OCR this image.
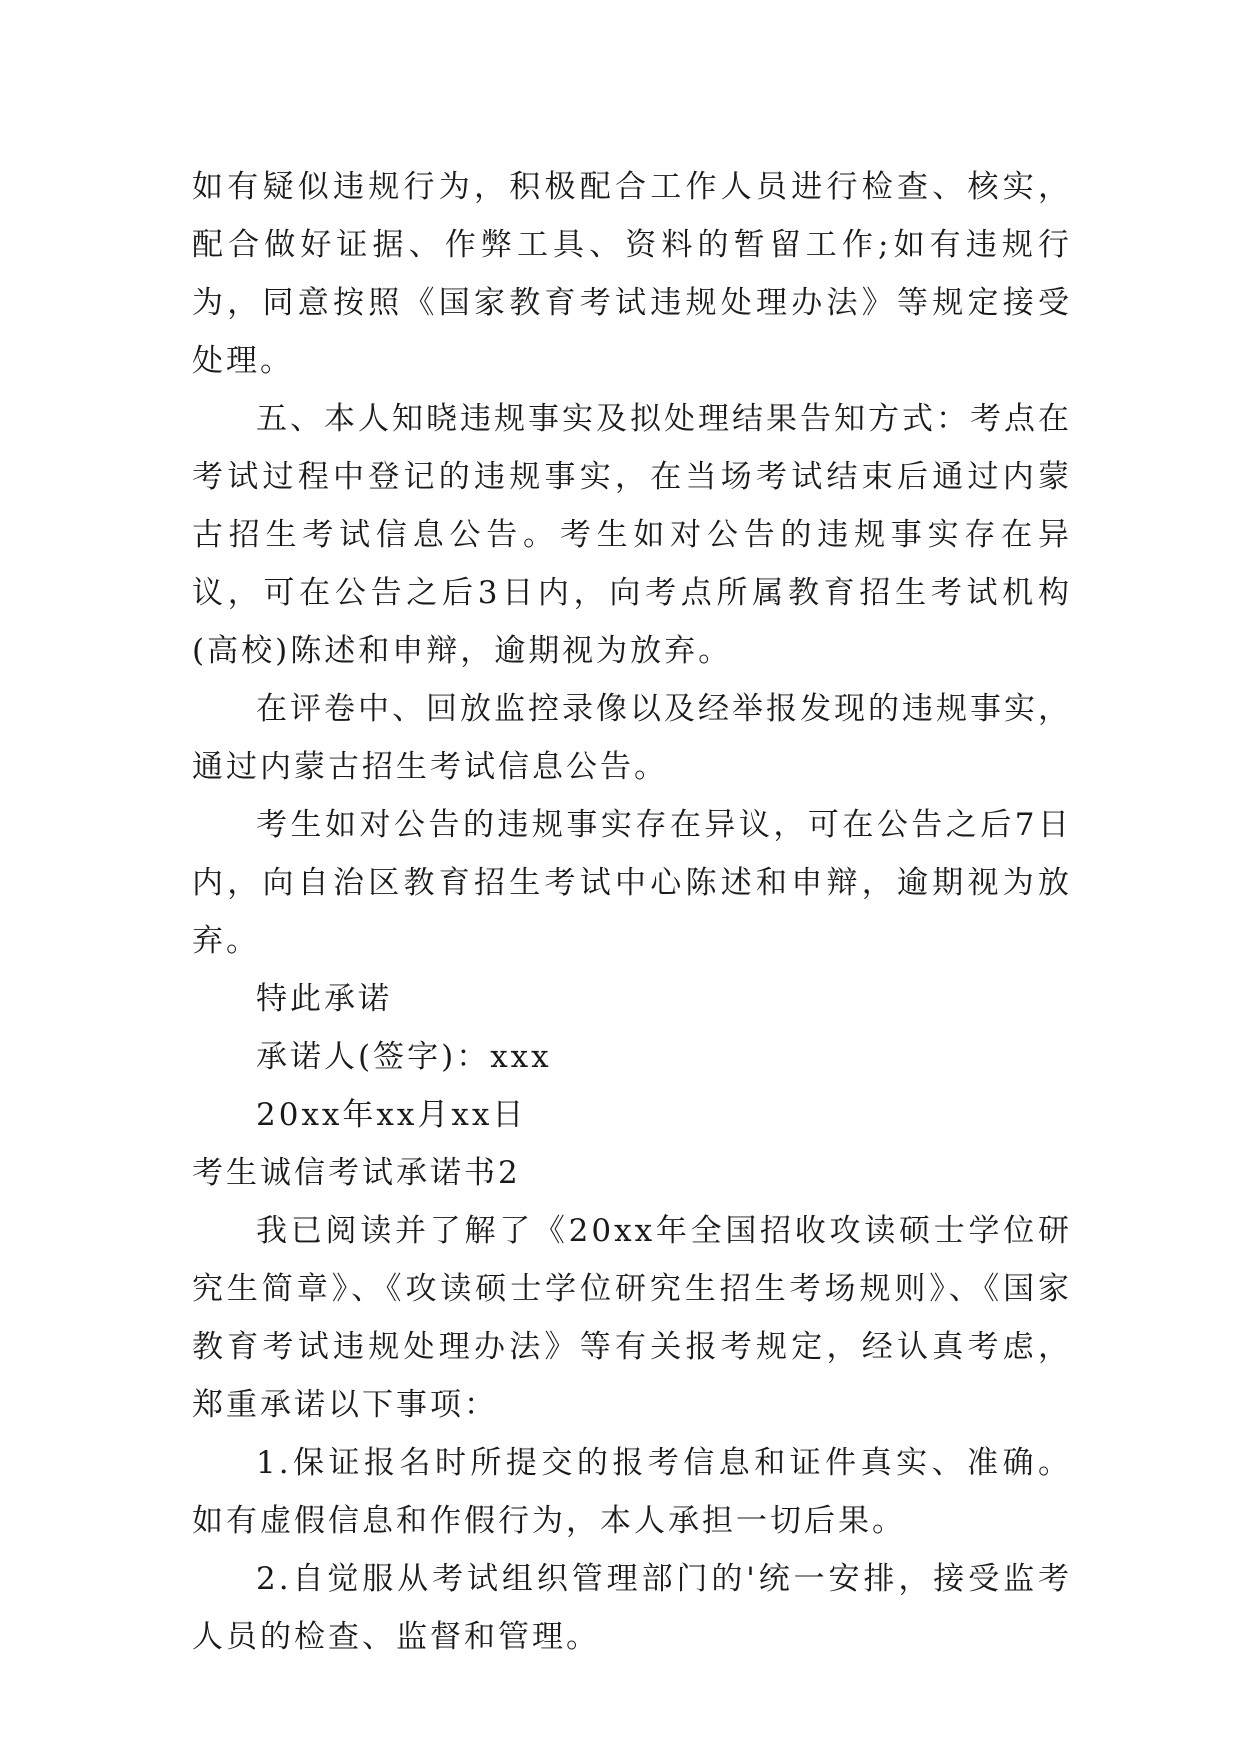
如有疑似违规行为，积极配合工作人员进行检查、核实，配合做好证据、作弊工具、资料的暂留工作;如有违规行为，同意按照《国家教育考试违规处理办法》等规定接受处理。

五、本人知晓违规事实及拟处理结果告知方式：考点在考试过程中登记的违规事实，在当场考试结束后通过内蒙古招生考试信息公告。考生如对公告的违规事实存在异议，可在公告之后3日内，向考点所属教育招生考试机构(高校)陈述和申辩，逾期视为放弃。

在评卷中、回放监控录像以及经举报发现的违规事实，通过内蒙古招生考试信息公告。

考生如对公告的违规事实存在异议，可在公告之后7日内，向自治区教育招生考试中心陈述和申辩，逾期视为放弃。

特此承诺

承诺人(签字)：xxx

20xx年xx月xx日

考生诚信考试承诺书2

我已阅读并了解了《20xx年全国招收攻读硕士学位研究生简章》、《攻读硕士学位研究生招生考场规则》、《国家教育考试违规处理办法》等有关报考规定，经认真考虑，郑重承诺以下事项：

1.保证报名时所提交的报考信息和证件真实、准确。如有虚假信息和作假行为，本人承担一切后果。

2.自觉服从考试组织管理部门的'统一安排，接受监考人员的检查、监督和管理。
